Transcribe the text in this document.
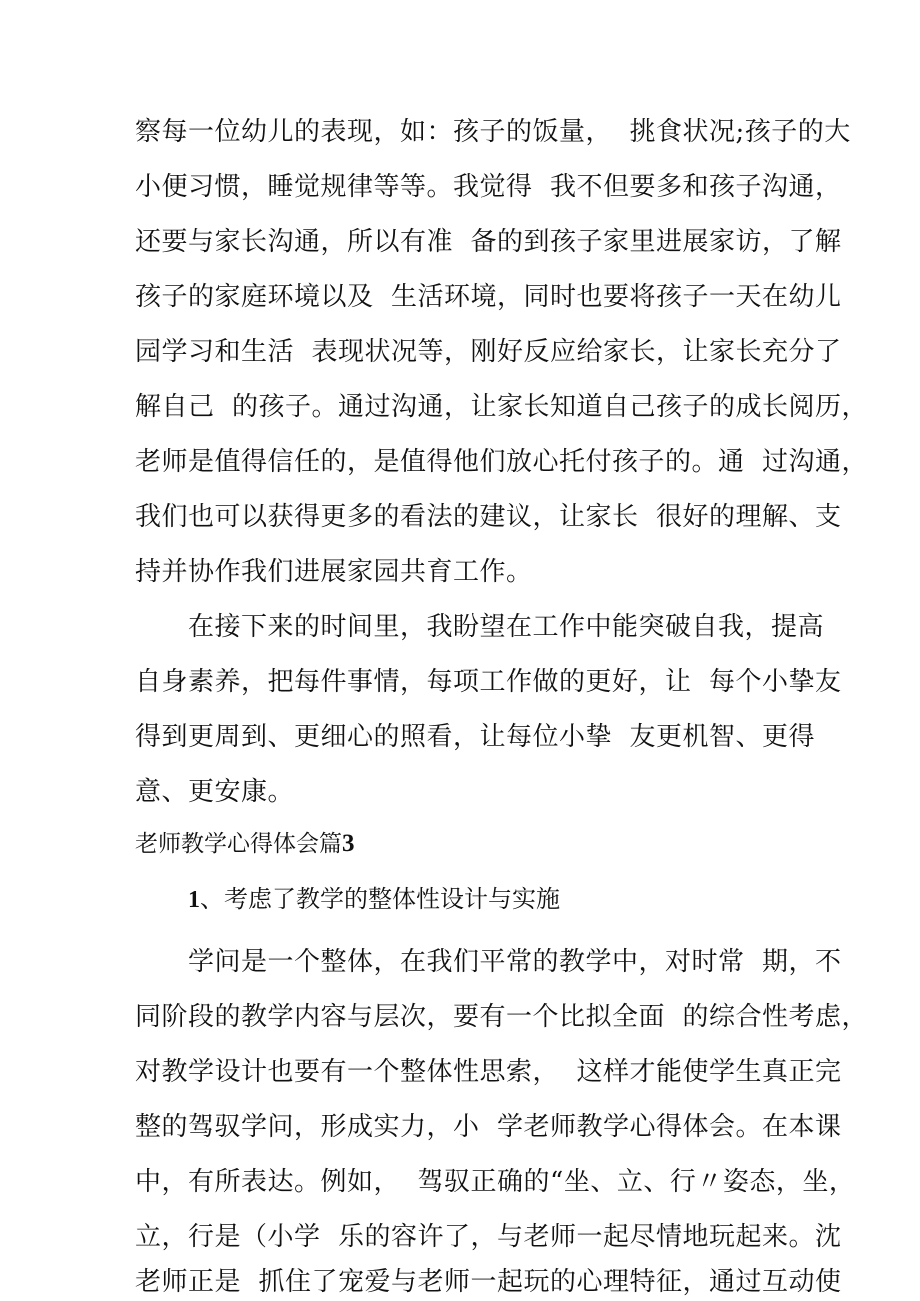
察每一位幼儿的表现，如：孩子的饭量，  挑食状况;孩子的大
小便习惯，睡觉规律等等。我觉得  我不但要多和孩子沟通，
还要与家长沟通，所以有准  备的到孩子家里进展家访，了解
孩子的家庭环境以及  生活环境，同时也要将孩子一天在幼儿
园学习和生活  表现状况等，刚好反应给家长，让家长充分了
解自己  的孩子。通过沟通，让家长知道自己孩子的成长阅历，
老师是值得信任的，是值得他们放心托付孩子的。通  过沟通，
我们也可以获得更多的看法的建议，让家长  很好的理解、支
持并协作我们进展家园共育工作。
在接下来的时间里，我盼望在工作中能突破自我，提高
自身素养，把每件事情，每项工作做的更好，让  每个小挚友
得到更周到、更细心的照看，让每位小挚  友更机智、更得
意、更安康。
老师教学心得体会篇3
1、考虑了教学的整体性设计与实施
学问是一个整体，在我们平常的教学中，对时常  期，不
同阶段的教学内容与层次，要有一个比拟全面  的综合性考虑，
对教学设计也要有一个整体性思索，  这样才能使学生真正完
整的驾驭学问，形成实力，小  学老师教学心得体会。在本课
中，有所表达。例如，  驾驭正确的“坐、立、行〃姿态，坐，
立，行是（小学  乐的容许了，与老师一起尽情地玩起来。沈
老师正是  抓住了宠爱与老师一起玩的心理特征，通过互动使
